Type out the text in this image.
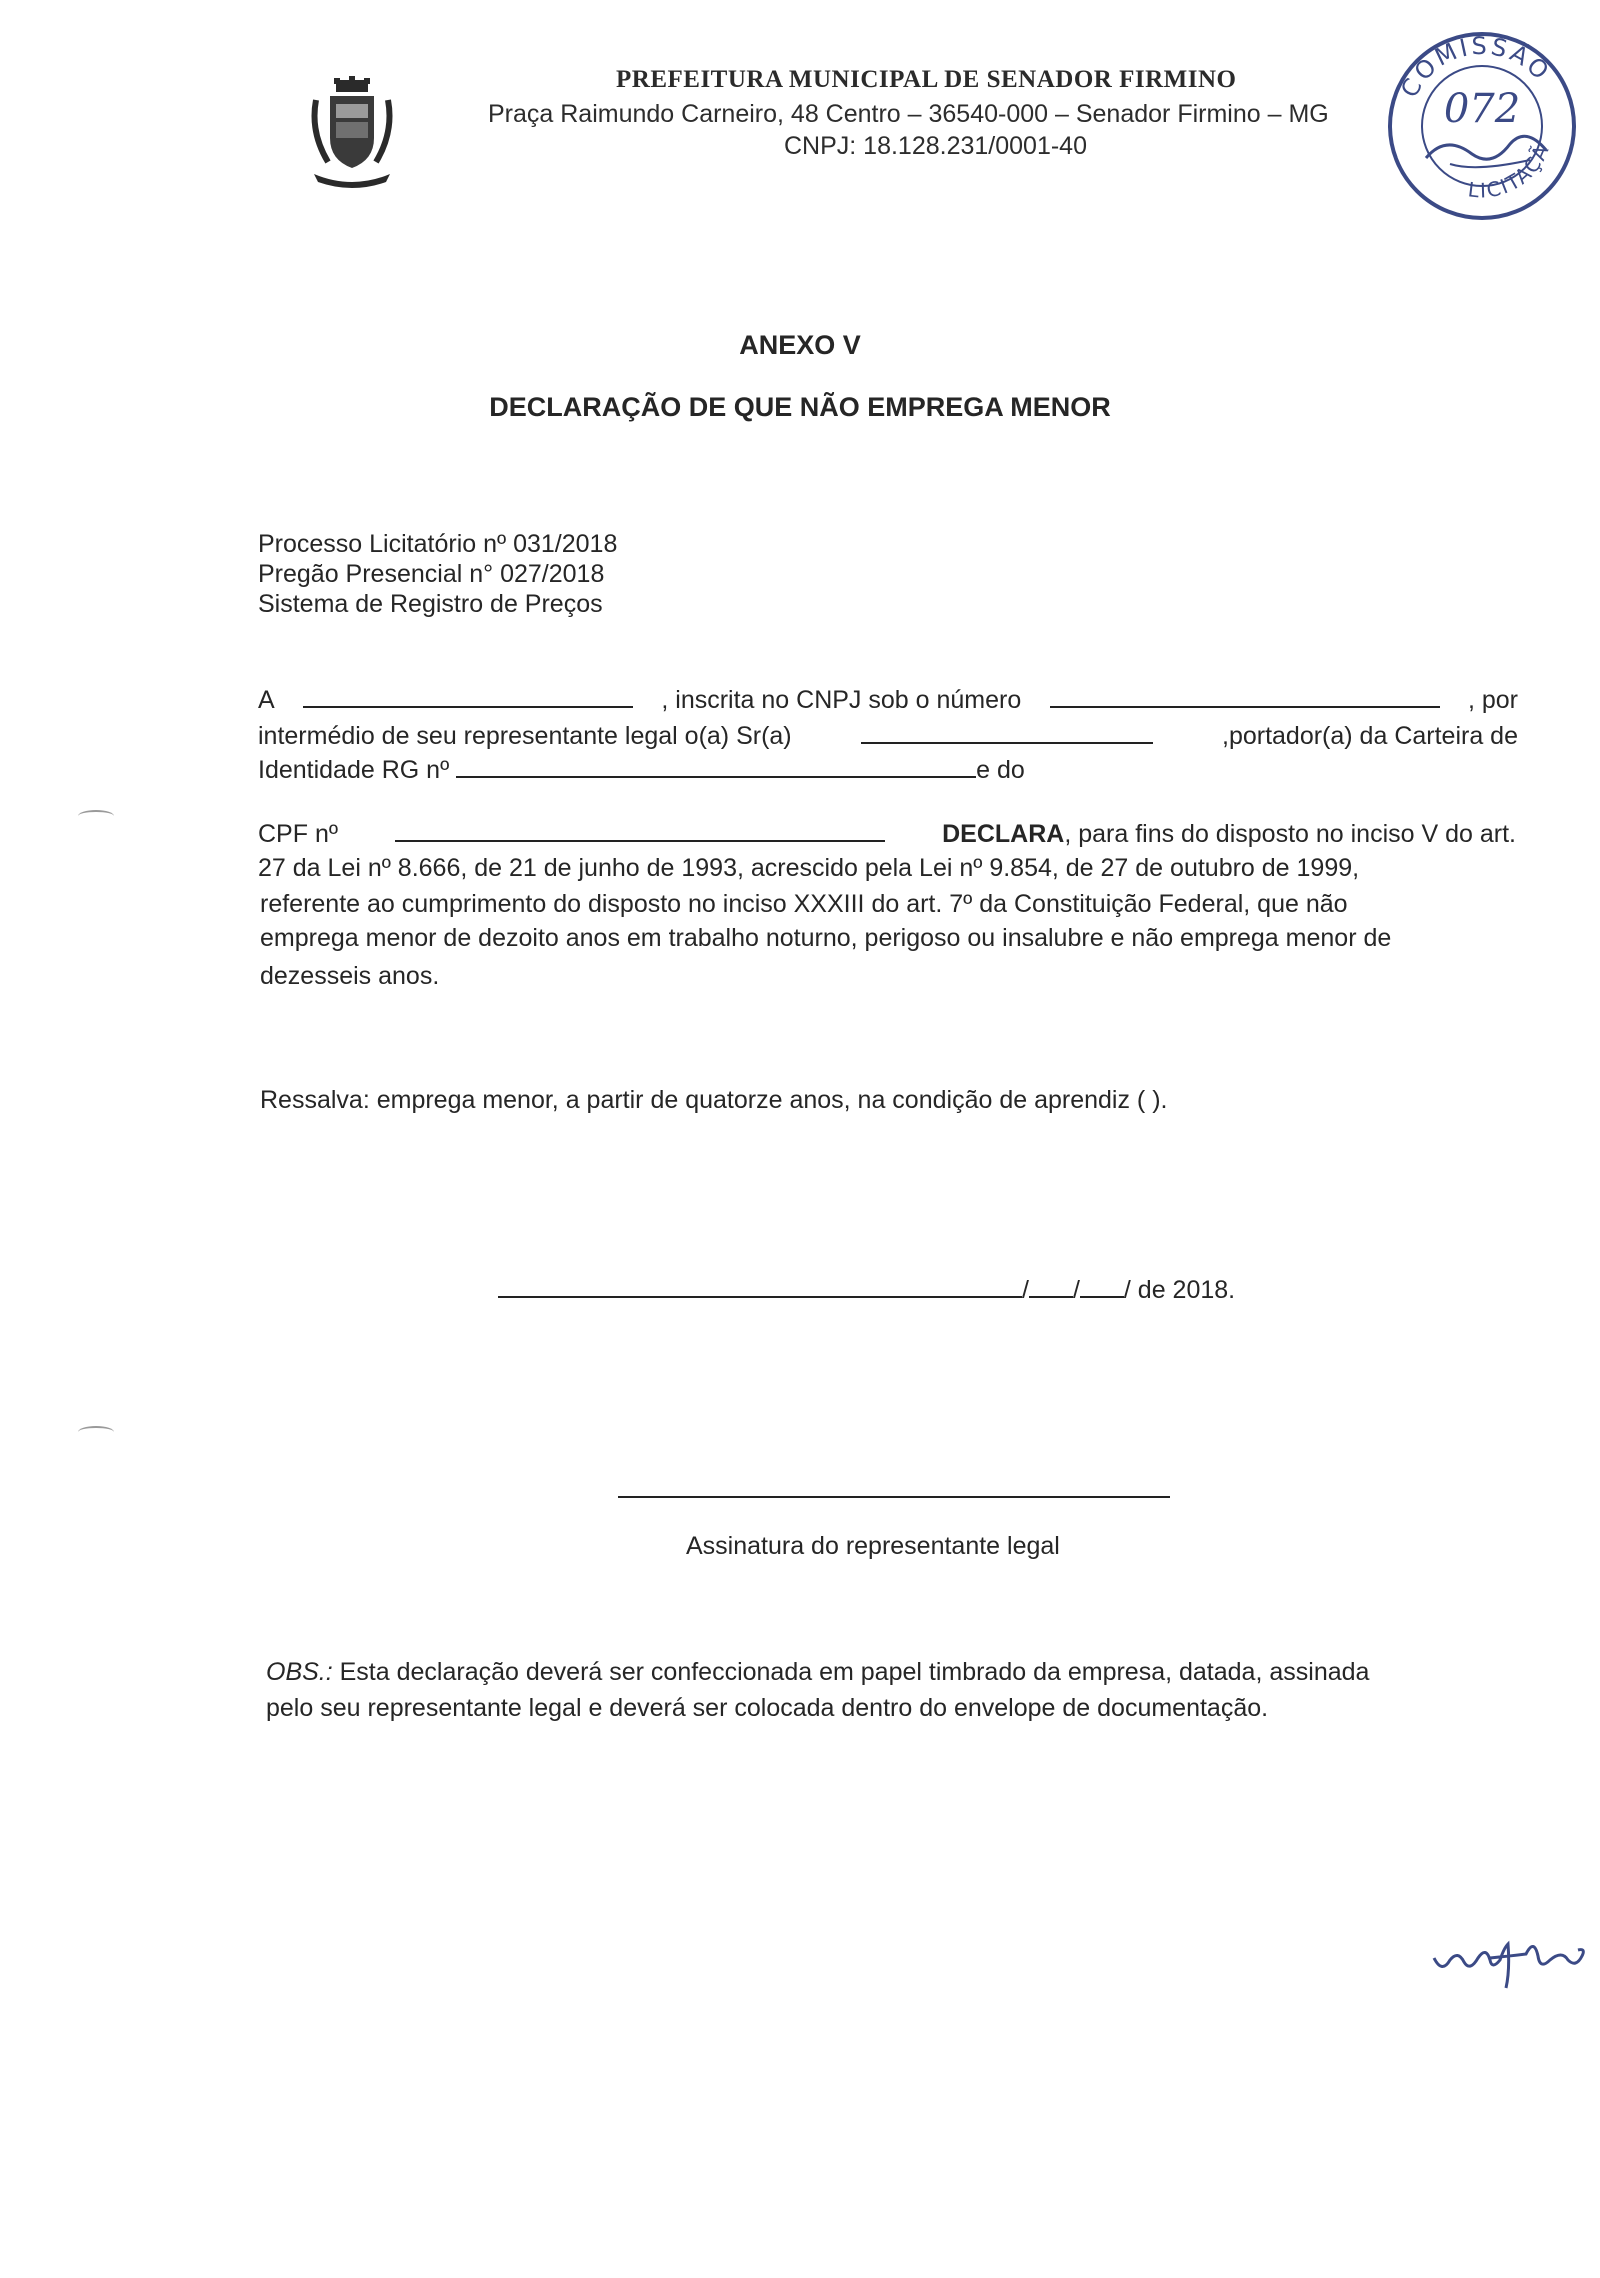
PREFEITURA MUNICIPAL DE SENADOR FIRMINO
Praça Raimundo Carneiro, 48 Centro – 36540-000 – Senador Firmino – MG
CNPJ: 18.128.231/0001-40
COMISSÃO
LICITAÇÃ
072
ANEXO V
DECLARAÇÃO DE QUE NÃO EMPREGA MENOR
Processo Licitatório nº 031/2018
Pregão Presencial n° 027/2018
Sistema de Registro de Preços
A	, inscrita no CNPJ sob o número	, por
intermédio de seu representante legal o(a) Sr(a)	,portador(a) da Carteira de
Identidade RG nº	e do
CPF nº	DECLARA, para fins do disposto no inciso V do art.
27 da Lei nº 8.666, de 21 de junho de 1993, acrescido pela Lei nº 9.854, de 27 de outubro de 1999,
referente ao cumprimento do disposto no inciso XXXIII do art. 7º da Constituição Federal, que não
emprega menor de dezoito anos em trabalho noturno, perigoso ou insalubre e não emprega menor de
dezesseis anos.
Ressalva: emprega menor, a partir de quatorze anos, na condição de aprendiz ( ).
/ / / de 2018.
Assinatura do representante legal
OBS.: Esta declaração deverá ser confeccionada em papel timbrado da empresa, datada, assinada
pelo seu representante legal e deverá ser colocada dentro do envelope de documentação.
